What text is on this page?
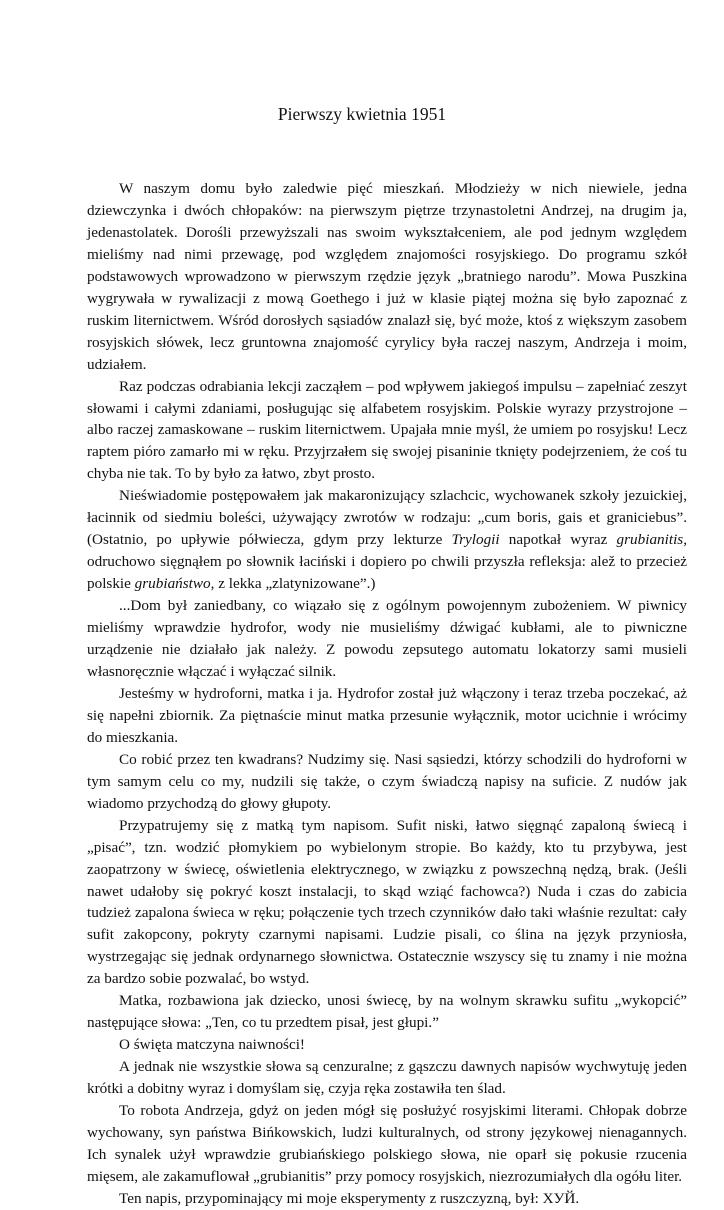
Pierwszy kwietnia 1951

W naszym domu było zaledwie pięć mieszkań. Młodzieży w nich niewiele, jedna dziewczynka i dwóch chłopaków: na pierwszym piętrze trzynastoletni Andrzej, na drugim ja, jedenastolatek. Dorośli przewyższali nas swoim wykształceniem, ale pod jednym względem mieliśmy nad nimi przewagę, pod względem znajomości rosyjskiego. Do programu szkół podstawowych wprowadzono w pierwszym rzędzie język „bratniego narodu”. Mowa Puszkina wygrywała w rywalizacji z mową Goethego i już w klasie piątej można się było zapoznać z ruskim liternictwem. Wśród dorosłych sąsiadów znalazł się, być może, ktoś z większym zasobem rosyjskich słówek, lecz gruntowna znajomość cyrylicy była raczej naszym, Andrzeja i moim, udziałem.

Raz podczas odrabiania lekcji zacząłem – pod wpływem jakiegoś impulsu – zapełniać zeszyt słowami i całymi zdaniami, posługując się alfabetem rosyjskim. Polskie wyrazy przystrojone – albo raczej zamaskowane – ruskim liternictwem. Upajała mnie myśl, że umiem po rosyjsku! Lecz raptem pióro zamarło mi w ręku. Przyjrzałem się swojej pisaninie tknięty podejrzeniem, że coś tu chyba nie tak. To by było za łatwo, zbyt prosto.

Nieświadomie postępowałem jak makaronizujący szlachcic, wychowanek szkoły jezuickiej, łacinnik od siedmiu boleści, używający zwrotów w rodzaju: „cum boris, gais et graniciebus”. (Ostatnio, po upływie półwiecza, gdym przy lekturze Trylogii napotkał wyraz grubianitis, odruchowo sięgnąłem po słownik łaciński i dopiero po chwili przyszła refleksja: alež to przecież polskie grubiaństwo, z lekka „zlatynizowane”.)

...Dom był zaniedbany, co wiązało się z ogólnym powojennym zubożeniem. W piwnicy mieliśmy wprawdzie hydrofor, wody nie musieliśmy dźwigać kubłami, ale to piwniczne urządzenie nie działało jak należy. Z powodu zepsutego automatu lokatorzy sami musieli własnoręcznie włączać i wyłączać silnik.

Jesteśmy w hydroforni, matka i ja. Hydrofor został już włączony i teraz trzeba poczekać, aż się napełni zbiornik. Za piętnaście minut matka przesunie wyłącznik, motor ucichnie i wrócimy do mieszkania.

Co robić przez ten kwadrans? Nudzimy się. Nasi sąsiedzi, którzy schodzili do hydroforni w tym samym celu co my, nudzili się także, o czym świadczą napisy na suficie. Z nudów jak wiadomo przychodzą do głowy głupoty.

Przypatrujemy się z matką tym napisom. Sufit niski, łatwo sięgnąć zapaloną świecą i „pisać”, tzn. wodzić płomykiem po wybielonym stropie. Bo każdy, kto tu przybywa, jest zaopatrzony w świecę, oświetlenia elektrycznego, w związku z powszechną nędzą, brak. (Jeśli nawet udałoby się pokryć koszt instalacji, to skąd wziąć fachowca?) Nuda i czas do zabicia tudzież zapalona świeca w ręku; połączenie tych trzech czynników dało taki właśnie rezultat: cały sufit zakopcony, pokryty czarnymi napisami. Ludzie pisali, co ślina na język przyniosła, wystrzegając się jednak ordynarnego słownictwa. Ostatecznie wszyscy się tu znamy i nie można za bardzo sobie pozwalać, bo wstyd.

Matka, rozbawiona jak dziecko, unosi świecę, by na wolnym skrawku sufitu „wykopcić” następujące słowa: „Ten, co tu przedtem pisał, jest głupi.”

O święta matczyna naiwności!

A jednak nie wszystkie słowa są cenzuralne; z gąszczu dawnych napisów wychwytuję jeden krótki a dobitny wyraz i domyślam się, czyja ręka zostawiła ten ślad.

To robota Andrzeja, gdyż on jeden mógł się posłużyć rosyjskimi literami. Chłopak dobrze wychowany, syn państwa Bińkowskich, ludzi kulturalnych, od strony językowej nienagannych. Ich synalek użył wprawdzie grubiańskiego polskiego słowa, nie oparł się pokusie rzucenia mięsem, ale zakamuflował „grubianitis” przy pomocy rosyjskich, niezrozumiałych dla ogółu liter.

Ten napis, przypominający mi moje eksperymenty z ruszczyzną, był: ХУЙ.
